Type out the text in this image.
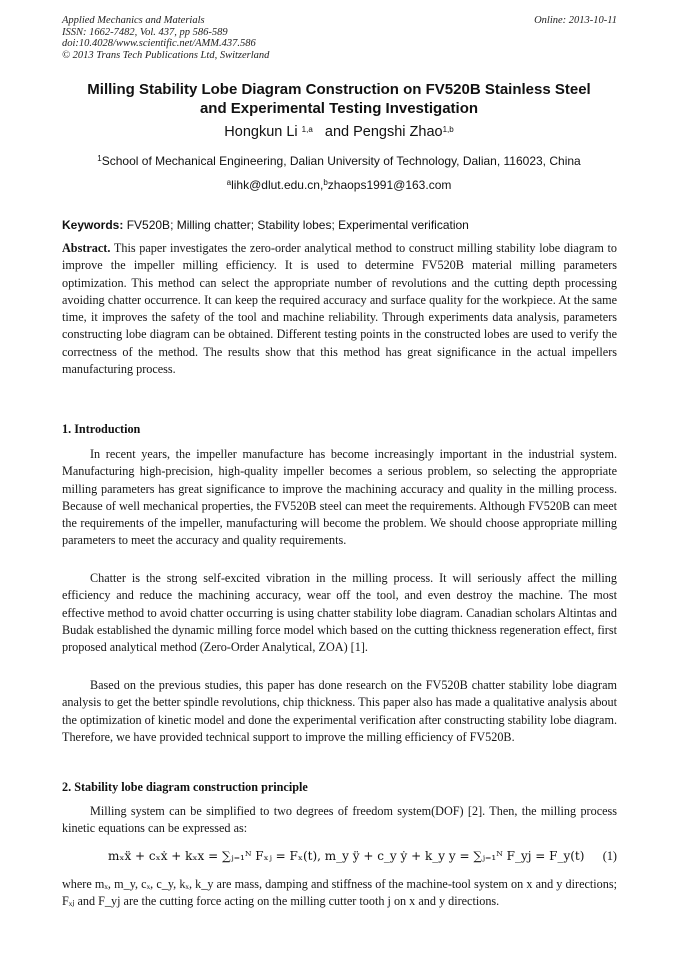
Applied Mechanics and Materials	Online: 2013-10-11
ISSN: 1662-7482, Vol. 437, pp 586-589
doi:10.4028/www.scientific.net/AMM.437.586
© 2013 Trans Tech Publications Ltd, Switzerland
Milling Stability Lobe Diagram Construction on FV520B Stainless Steel
and Experimental Testing Investigation
Hongkun Li $^{1,a}$ and Pengshi Zhao$^{1,b}$
$^1$School of Mechanical Engineering, Dalian University of Technology, Dalian, 116023, China
$^a$lihk@dlut.edu.cn,$^b$zhaops1991@163.com
Keywords: FV520B; Milling chatter; Stability lobes; Experimental verification
Abstract. This paper investigates the zero-order analytical method to construct milling stability lobe diagram to improve the impeller milling efficiency. It is used to determine FV520B material milling parameters optimization. This method can select the appropriate number of revolutions and the cutting depth processing avoiding chatter occurrence. It can keep the required accuracy and surface quality for the workpiece. At the same time, it improves the safety of the tool and machine reliability. Through experiments data analysis, parameters constructing lobe diagram can be obtained. Different testing points in the constructed lobes are used to verify the correctness of the method. The results show that this method has great significance in the actual impellers manufacturing process.
1. Introduction
In recent years, the impeller manufacture has become increasingly important in the industrial system. Manufacturing high-precision, high-quality impeller becomes a serious problem, so selecting the appropriate milling parameters has great significance to improve the machining accuracy and quality in the milling process. Because of well mechanical properties, the FV520B steel can meet the requirements. Although FV520B can meet the requirements of the impeller, manufacturing will become the problem. We should choose appropriate milling parameters to meet the accuracy and quality requirements.
Chatter is the strong self-excited vibration in the milling process. It will seriously affect the milling efficiency and reduce the machining accuracy, wear off the tool, and even destroy the machine. The most effective method to avoid chatter occurring is using chatter stability lobe diagram. Canadian scholars Altintas and Budak established the dynamic milling force model which based on the cutting thickness regeneration effect, first proposed analytical method (Zero-Order Analytical, ZOA) [1].
Based on the previous studies, this paper has done research on the FV520B chatter stability lobe diagram analysis to get the better spindle revolutions, chip thickness. This paper also has made a qualitative analysis about the optimization of kinetic model and done the experimental verification after constructing stability lobe diagram. Therefore, we have provided technical support to improve the milling efficiency of FV520B.
2. Stability lobe diagram construction principle
Milling system can be simplified to two degrees of freedom system(DOF) [2]. Then, the milling process kinetic equations can be expressed as:
mₓẍ + cₓẋ + kₓx = ∑ⱼ₌₁ᴺ Fₓⱼ = Fₓ(t), m_y ÿ + c_y ẏ + k_y y = ∑ⱼ₌₁ᴺ F_yj = F_y(t) (1)
where mₓ, m_y, cₓ, c_y, kₓ, k_y are mass, damping and stiffness of the machine-tool system on x and y directions; Fₓⱼ and F_yj are the cutting force acting on the milling cutter tooth j on x and y directions.
